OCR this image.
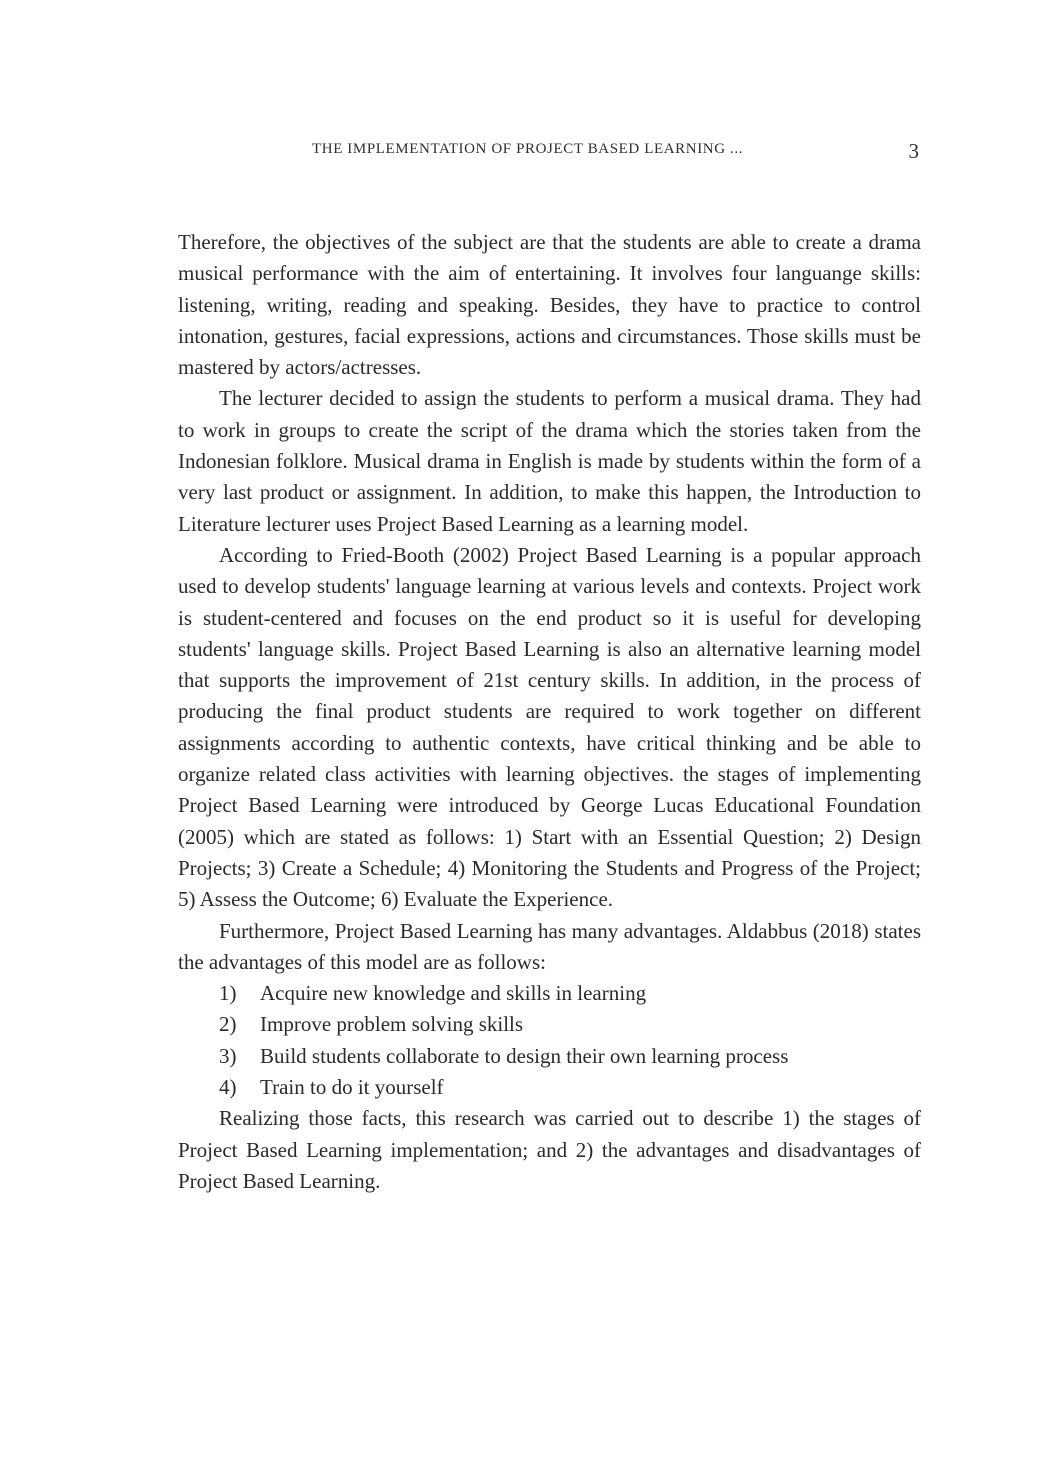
THE IMPLEMENTATION OF PROJECT BASED LEARNING ...	3

Therefore, the objectives of the subject are that the students are able to create a drama musical performance with the aim of entertaining. It involves four languange skills: listening, writing, reading and speaking. Besides, they have to practice to control intonation, gestures, facial expressions, actions and circumstances. Those skills must be mastered by actors/actresses.

The lecturer decided to assign the students to perform a musical drama. They had to work in groups to create the script of the drama which the stories taken from the Indonesian folklore. Musical drama in English is made by students within the form of a very last product or assignment. In addition, to make this happen, the Introduction to Literature lecturer uses Project Based Learning as a learning model.

According to Fried-Booth (2002) Project Based Learning is a popular approach used to develop students' language learning at various levels and contexts. Project work is student-centered and focuses on the end product so it is useful for developing students' language skills. Project Based Learning is also an alternative learning model that supports the improvement of 21st century skills. In addition, in the process of producing the final product students are required to work together on different assignments according to authentic contexts, have critical thinking and be able to organize related class activities with learning objectives. the stages of implementing Project Based Learning were introduced by George Lucas Educational Foundation (2005) which are stated as follows: 1) Start with an Essential Question; 2) Design Projects; 3) Create a Schedule; 4) Monitoring the Students and Progress of the Project; 5) Assess the Outcome; 6) Evaluate the Experience.

Furthermore, Project Based Learning has many advantages. Aldabbus (2018) states the advantages of this model are as follows:

1) Acquire new knowledge and skills in learning
2) Improve problem solving skills
3) Build students collaborate to design their own learning process
4) Train to do it yourself

Realizing those facts, this research was carried out to describe 1) the stages of Project Based Learning implementation; and 2) the advantages and disadvantages of Project Based Learning.
